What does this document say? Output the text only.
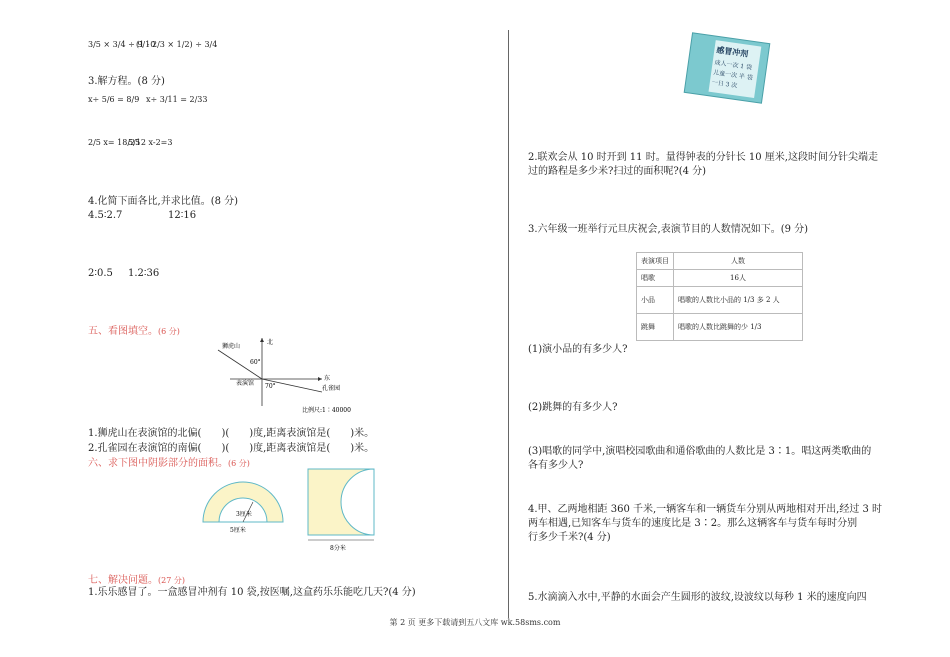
3/5 × 3/4 ÷ 9/10
(1 - 2/3 × 1/2) ÷ 3/4
3.解方程。(8 分)
x÷ 5/6 = 8/9 x÷ 3/11 = 2/33
2/5 x= 18/25
5/12 x-2=3
4.化简下面各比,并求比值。(8 分)
4.5∶2.7	12∶16
2∶0.5 1.2∶36
五、看图填空。(6 分)
北
东
狮虎山
表演馆
孔雀园
60°
70°
比例尺:1∶40000
1.狮虎山在表演馆的北偏(　　)(　　)度,距离表演馆是(　　)米。
2.孔雀园在表演馆的南偏(　　)(　　)度,距离表演馆是(　　)米。
六、求下图中阴影部分的面积。(6 分)
3厘米
5厘米
8分米
七、解决问题。(27 分)
1.乐乐感冒了。一盒感冒冲剂有 10 袋,按医嘱,这盒药乐乐能吃几天?(4 分)
感冒冲剂
成人一次 1 袋
儿童一次 半 袋
一日 3 次
2.联欢会从 10 时开到 11 时。量得钟表的分针长 10 厘米,这段时间分针尖端走
过的路程是多少米?扫过的面积呢?(4 分)
3.六年级一班举行元旦庆祝会,表演节目的人数情况如下。(9 分)
表演项目	人数
唱歌	16人
小品	唱歌的人数比小品的 1/3 多 2 人
跳舞	唱歌的人数比跳舞的少 1/3
(1)演小品的有多少人?
(2)跳舞的有多少人?
(3)唱歌的同学中,演唱校园歌曲和通俗歌曲的人数比是 3∶1。唱这两类歌曲的
各有多少人?
4.甲、乙两地相距 360 千米,一辆客车和一辆货车分别从两地相对开出,经过 3 时
两车相遇,已知客车与货车的速度比是 3∶2。那么这辆客车与货车每时分别
行多少千米?(4 分)
5.水滴滴入水中,平静的水面会产生圆形的波纹,设波纹以每秒 1 米的速度向四
第 2 页 更多下载请到五八文库 wk.58sms.com
